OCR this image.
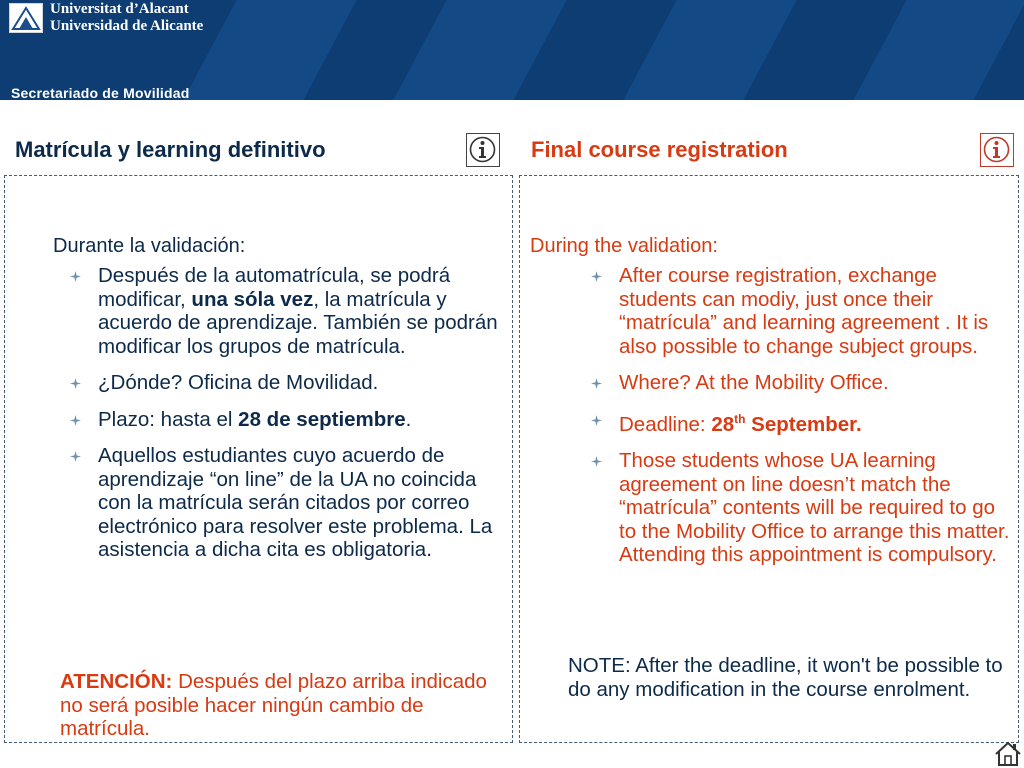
Universitat d’Alacant
Universidad de Alicante
Secretariado de Movilidad
Matrícula y learning definitivo	Final course registration
Durante la validación:
Después de la automatrícula, se podrá modificar, una sóla vez, la matrícula y acuerdo de aprendizaje. También se podrán modificar los grupos de matrícula.
¿Dónde? Oficina de Movilidad.
Plazo: hasta el 28 de septiembre.
Aquellos estudiantes cuyo acuerdo de aprendizaje “on line” de la UA no coincida con la matrícula serán citados por correo electrónico para resolver este problema. La asistencia a dicha cita es obligatoria.
ATENCIÓN: Después del plazo arriba indicado no será posible hacer ningún cambio de matrícula.
During the validation:
After course registration, exchange students can modiy, just once their “matrícula” and learning agreement . It is also possible to change subject groups.
Where? At the Mobility Office.
Deadline: 28th September.
Those students whose UA learning agreement on line doesn’t match the “matrícula” contents will be required to go to the Mobility Office to arrange this matter. Attending this appointment is compulsory.
NOTE: After the deadline, it won't be possible to do any modification in the course enrolment.
